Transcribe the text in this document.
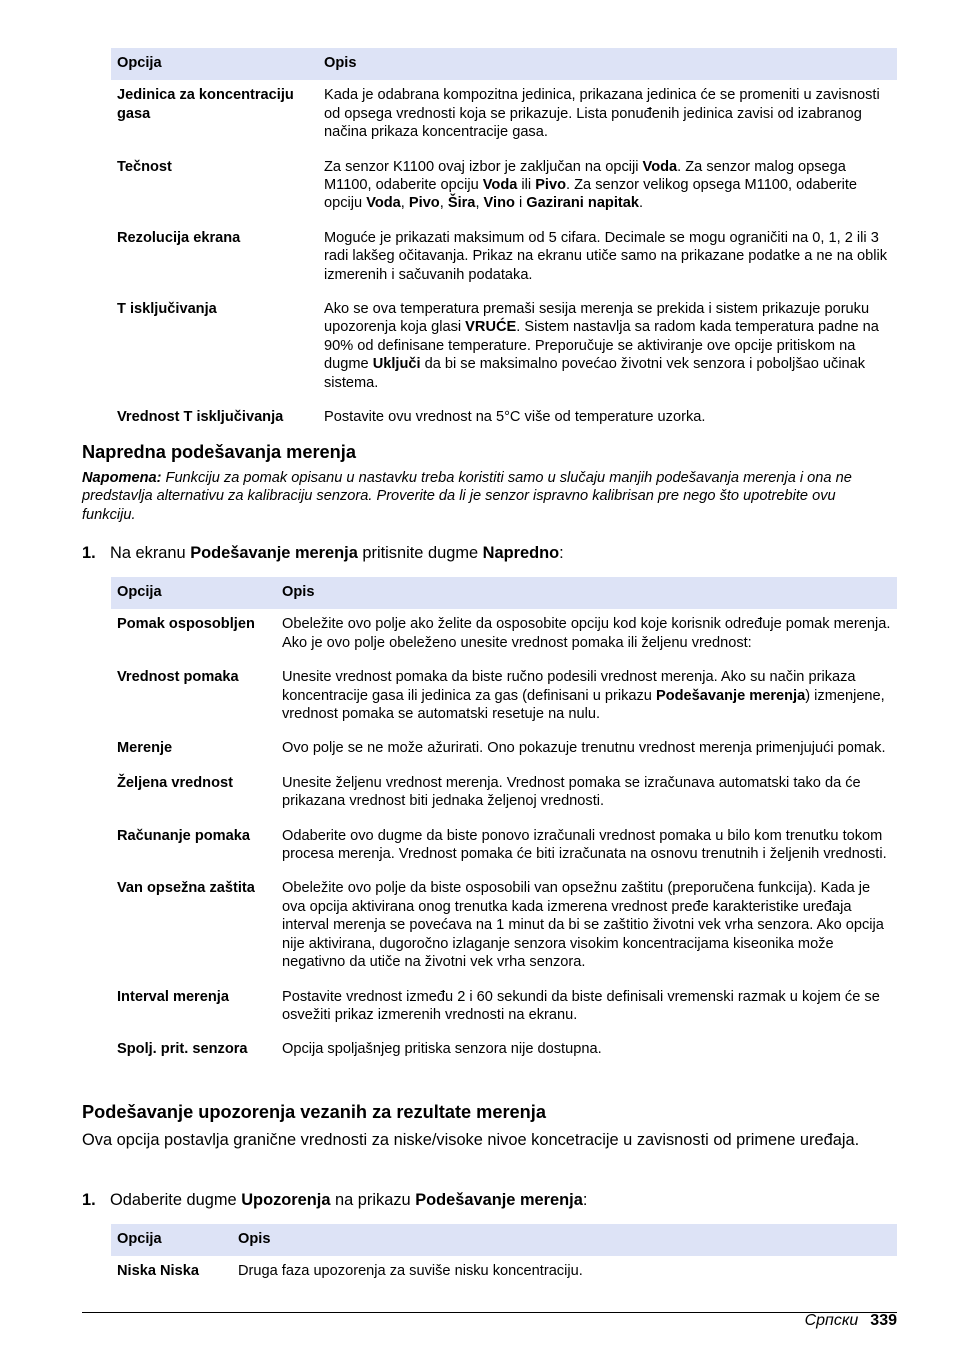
Opcija	Opis
Jedinica za koncentraciju gasa	Kada je odabrana kompozitna jedinica, prikazana jedinica će se promeniti u zavisnosti od opsega vrednosti koja se prikazuje. Lista ponuđenih jedinica zavisi od izabranog načina prikaza koncentracije gasa.
Tečnost	Za senzor K1100 ovaj izbor je zaključan na opciji Voda. Za senzor malog opsega M1100, odaberite opciju Voda ili Pivo. Za senzor velikog opsega M1100, odaberite opciju Voda, Pivo, Šira, Vino i Gazirani napitak.
Rezolucija ekrana	Moguće je prikazati maksimum od 5 cifara. Decimale se mogu ograničiti na 0, 1, 2 ili 3 radi lakšeg očitavanja. Prikaz na ekranu utiče samo na prikazane podatke a ne na oblik izmerenih i sačuvanih podataka.
T isključivanja	Ako se ova temperatura premaši sesija merenja se prekida i sistem prikazuje poruku upozorenja koja glasi VRUĆE. Sistem nastavlja sa radom kada temperatura padne na 90% od definisane temperature. Preporučuje se aktiviranje ove opcije pritiskom na dugme Uključi da bi se maksimalno povećao životni vek senzora i poboljšao učinak sistema.
Vrednost T isključivanja	Postavite ovu vrednost na 5°C više od temperature uzorka.
Napredna podešavanja merenja

Napomena: Funkciju za pomak opisanu u nastavku treba koristiti samo u slučaju manjih podešavanja merenja i ona ne predstavlja alternativu za kalibraciju senzora. Proverite da li je senzor ispravno kalibrisan pre nego što upotrebite ovu funkciju.

1. Na ekranu Podešavanje merenja pritisnite dugme Napredno:

Opcija	Opis
Pomak osposobljen	Obeležite ovo polje ako želite da osposobite opciju kod koje korisnik određuje pomak merenja. Ako je ovo polje obeleženo unesite vrednost pomaka ili željenu vrednost:
Vrednost pomaka	Unesite vrednost pomaka da biste ručno podesili vrednost merenja. Ako su način prikaza koncentracije gasa ili jedinica za gas (definisani u prikazu Podešavanje merenja) izmenjene, vrednost pomaka se automatski resetuje na nulu.
Merenje	Ovo polje se ne može ažurirati. Ono pokazuje trenutnu vrednost merenja primenjujući pomak.
Željena vrednost	Unesite željenu vrednost merenja. Vrednost pomaka se izračunava automatski tako da će prikazana vrednost biti jednaka željenoj vrednosti.
Računanje pomaka	Odaberite ovo dugme da biste ponovo izračunali vrednost pomaka u bilo kom trenutku tokom procesa merenja. Vrednost pomaka će biti izračunata na osnovu trenutnih i željenih vrednosti.
Van opsežna zaštita	Obeležite ovo polje da biste osposobili van opsežnu zaštitu (preporučena funkcija). Kada je ova opcija aktivirana onog trenutka kada izmerena vrednost pređe karakteristike uređaja interval merenja se povećava na 1 minut da bi se zaštitio životni vek vrha senzora. Ako opcija nije aktivirana, dugoročno izlaganje senzora visokim koncentracijama kiseonika može negativno da utiče na životni vek vrha senzora.
Interval merenja	Postavite vrednost između 2 i 60 sekundi da biste definisali vremenski razmak u kojem će se osvežiti prikaz izmerenih vrednosti na ekranu.
Spolj. prit. senzora	Opcija spoljašnjeg pritiska senzora nije dostupna.
Podešavanje upozorenja vezanih za rezultate merenja

Ova opcija postavlja granične vrednosti za niske/visoke nivoe koncetracije u zavisnosti od primene uređaja.

1. Odaberite dugme Upozorenja na prikazu Podešavanje merenja:

Opcija	Opis
Niska Niska	Druga faza upozorenja za suviše nisku koncentraciju.
Српски 339
